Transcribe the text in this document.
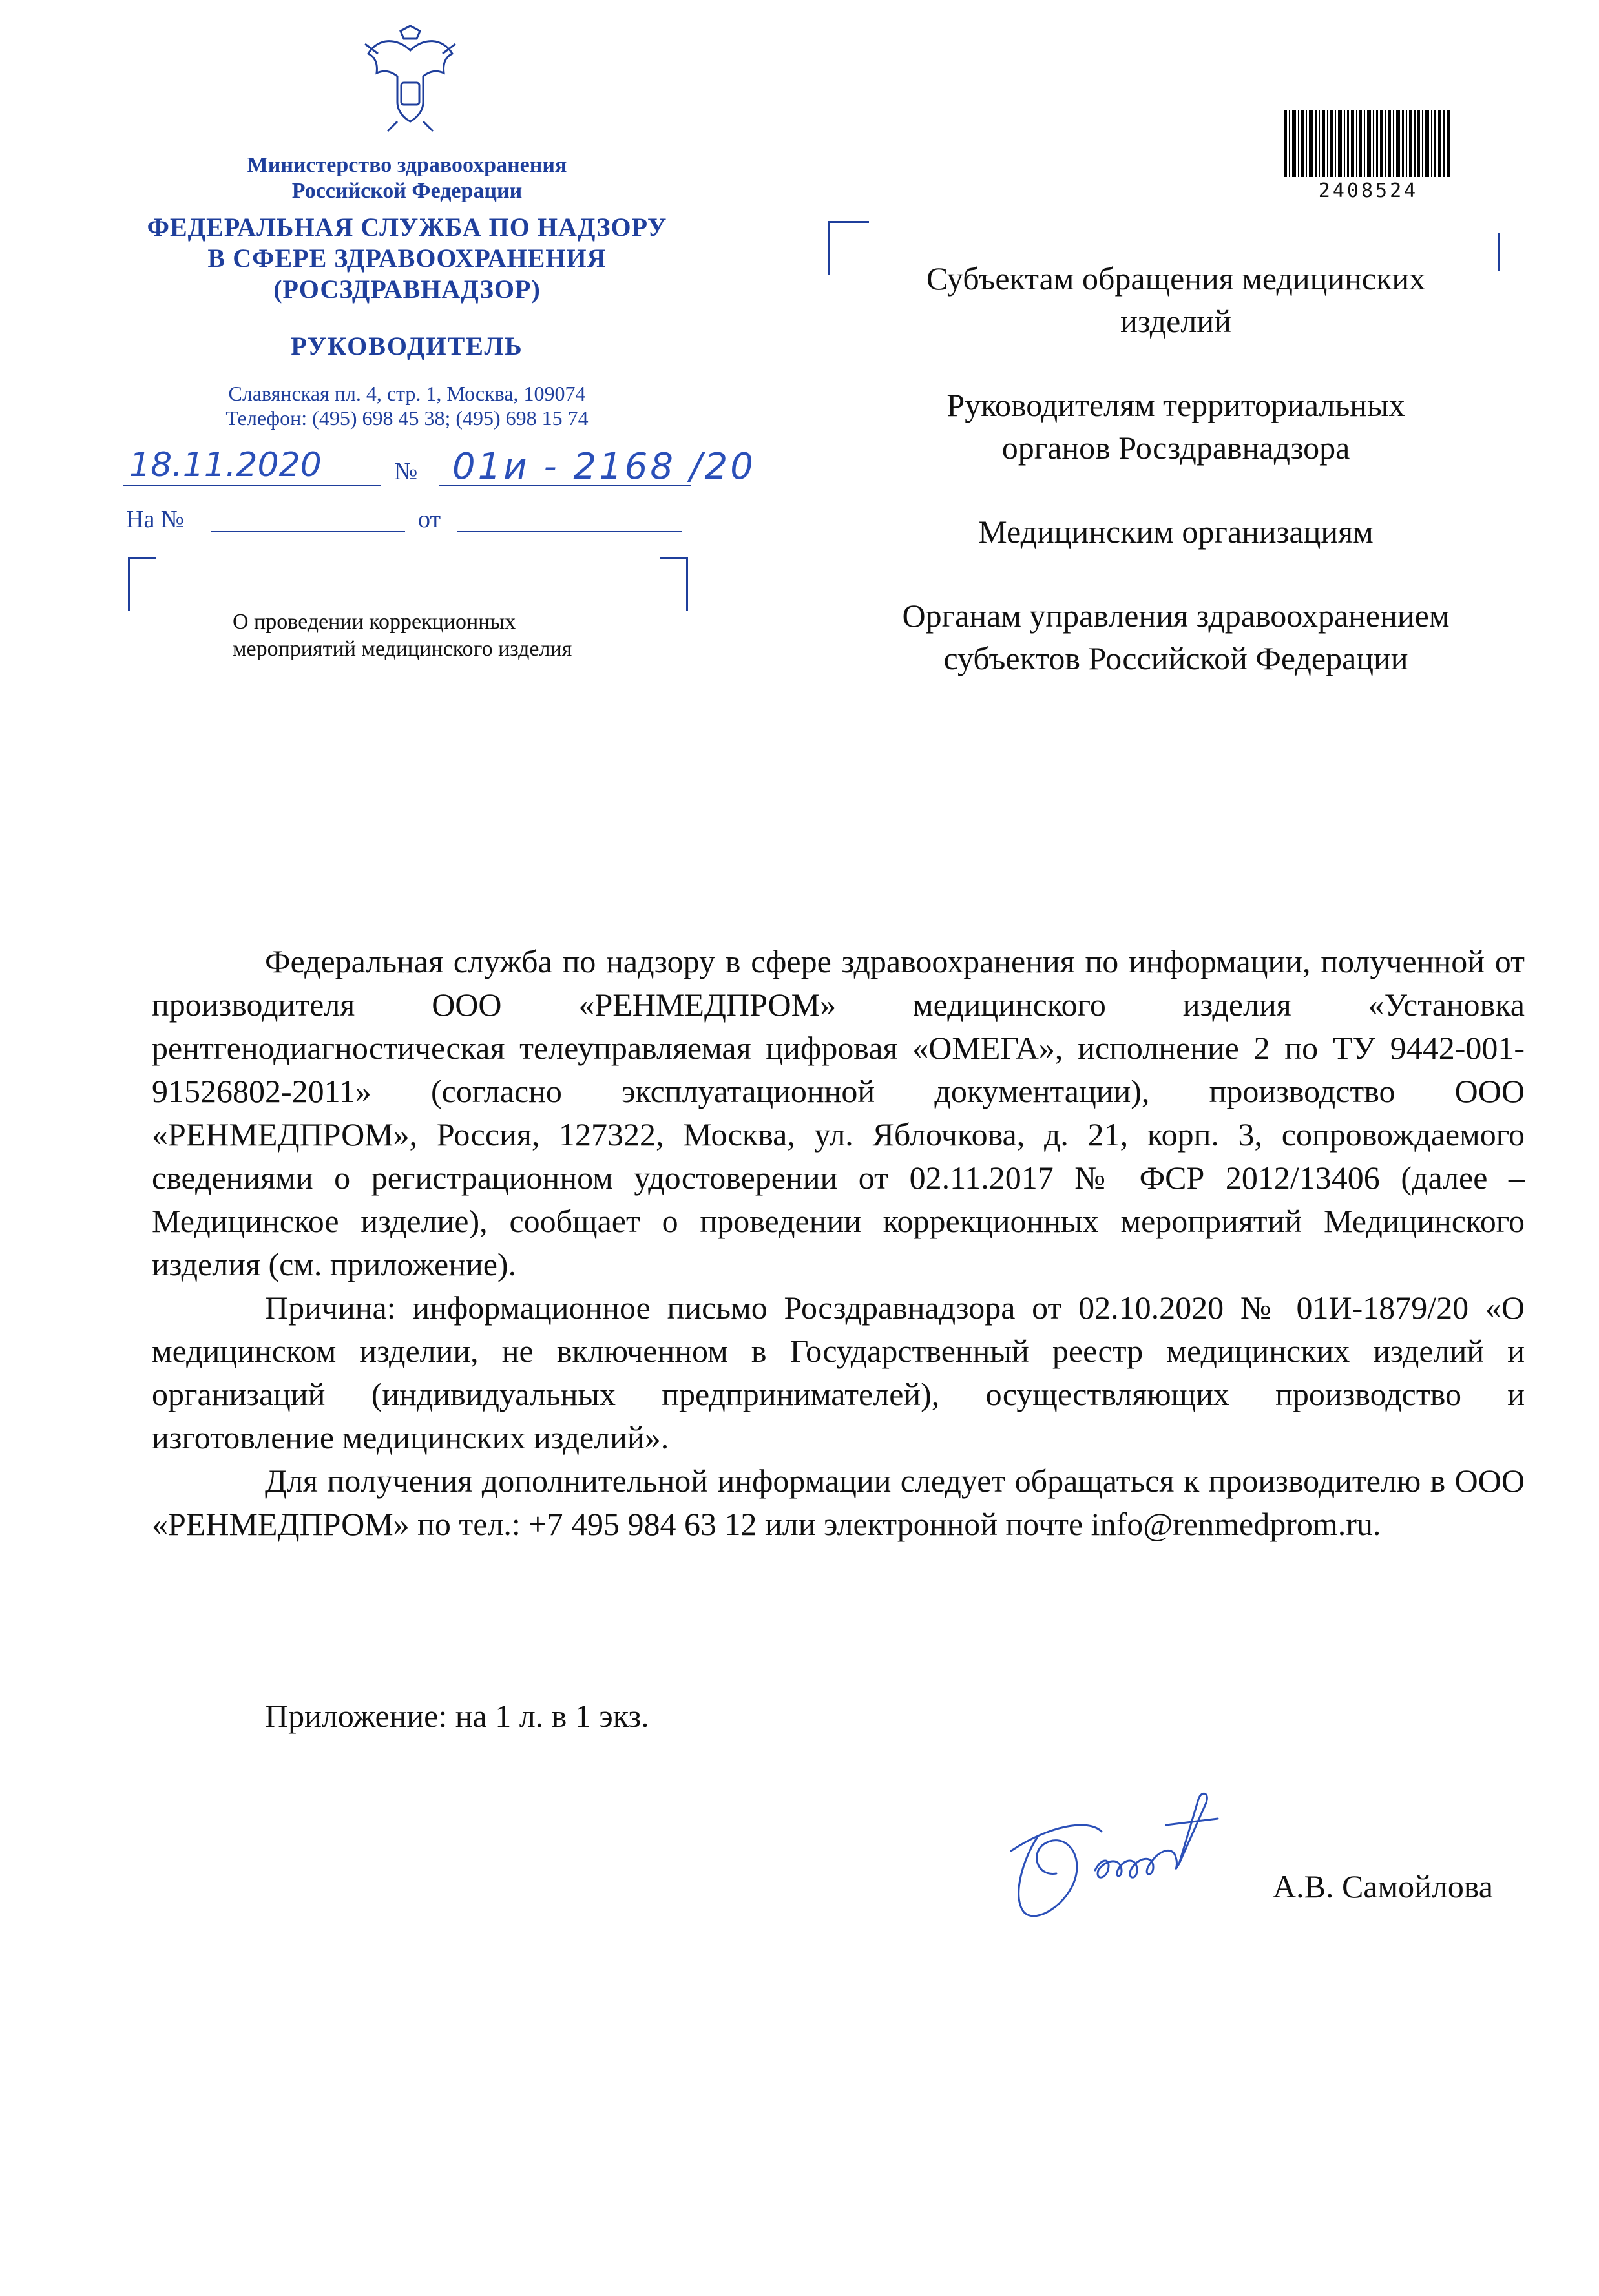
Министерство здравоохранения
Российской Федерации
ФЕДЕРАЛЬНАЯ СЛУЖБА ПО НАДЗОРУ
В СФЕРЕ ЗДРАВООХРАНЕНИЯ
(РОСЗДРАВНАДЗОР)
РУКОВОДИТЕЛЬ
Славянская пл. 4, стр. 1, Москва, 109074
Телефон: (495) 698 45 38; (495) 698 15 74
18.11.2020	№ 01и - 2168 /20
На №	от
О проведении коррекционных
мероприятий медицинского изделия
2408524

Субъектам обращения медицинских изделий

Руководителям территориальных органов Росздравнадзора

Медицинским организациям

Органам управления здравоохранением субъектов Российской Федерации

Федеральная служба по надзору в сфере здравоохранения по информации, полученной от производителя ООО «РЕНМЕДПРОМ» медицинского изделия «Установка рентгенодиагностическая телеуправляемая цифровая «ОМЕГА», исполнение 2 по ТУ 9442-001-91526802-2011» (согласно эксплуатационной документации), производство ООО «РЕНМЕДПРОМ», Россия, 127322, Москва, ул. Яблочкова, д. 21, корп. 3, сопровождаемого сведениями о регистрационном удостоверении от 02.11.2017 № ФСР 2012/13406 (далее – Медицинское изделие), сообщает о проведении коррекционных мероприятий Медицинского изделия (см. приложение).

Причина: информационное письмо Росздравнадзора от 02.10.2020 № 01И-1879/20 «О медицинском изделии, не включенном в Государственный реестр медицинских изделий и организаций (индивидуальных предпринимателей), осуществляющих производство и изготовление медицинских изделий».

Для получения дополнительной информации следует обращаться к производителю в ООО «РЕНМЕДПРОМ» по тел.: +7 495 984 63 12 или электронной почте info@renmedprom.ru.

Приложение: на 1 л. в 1 экз.
А.В. Самойлова
